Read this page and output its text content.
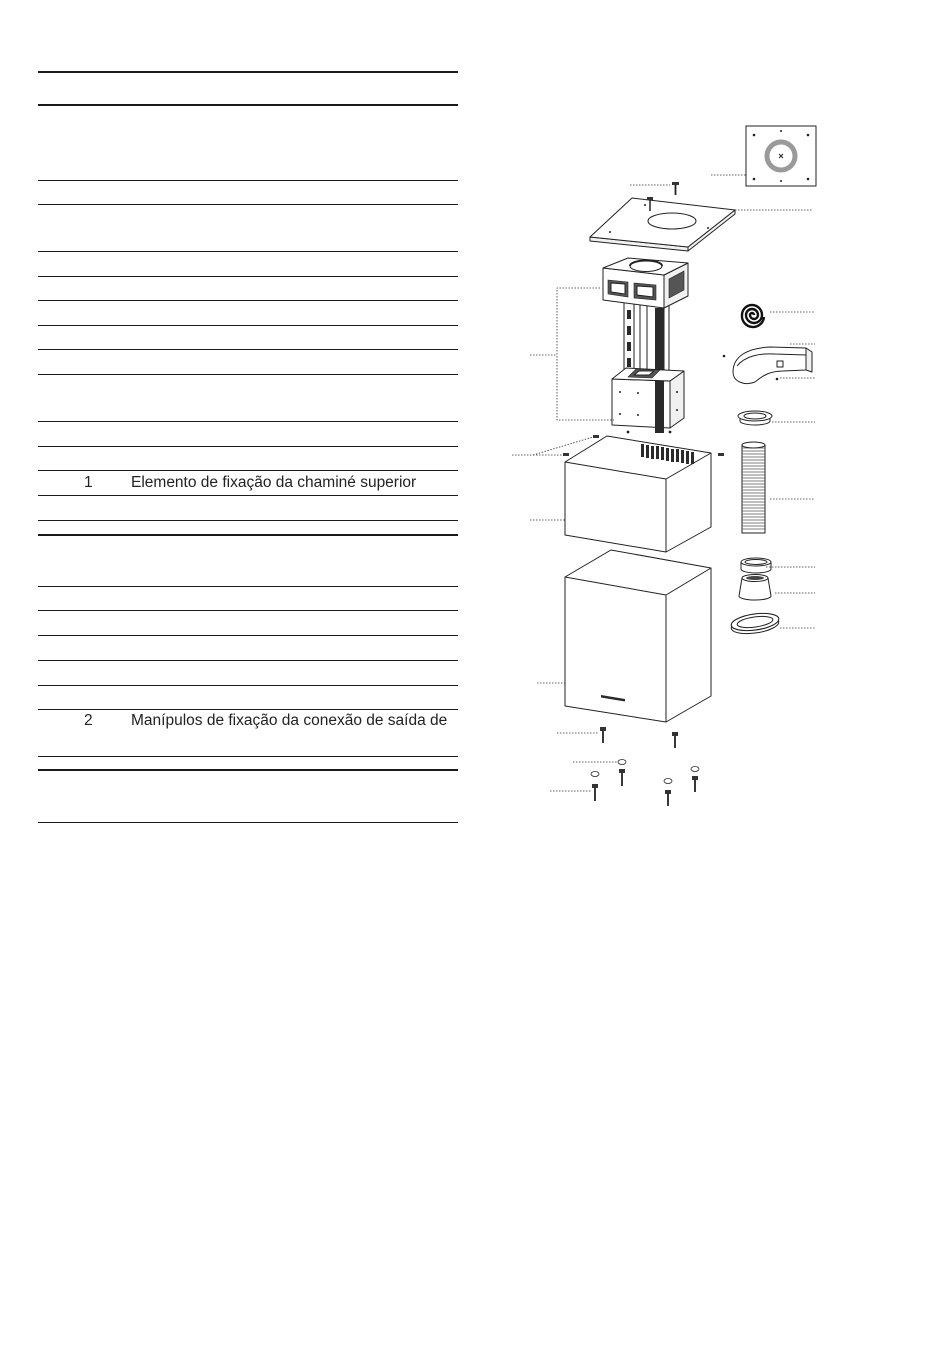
1 Elemento de fixação da chaminé superior
2 Manípulos de fixação da conexão de saída de
